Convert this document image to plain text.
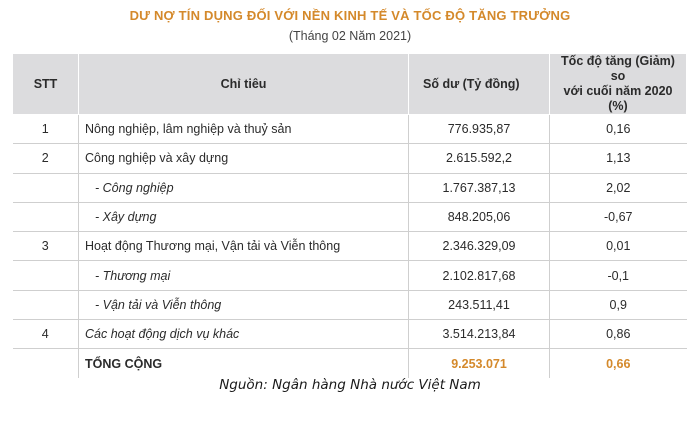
DƯ NỢ TÍN DỤNG ĐỐI VỚI NỀN KINH TẾ VÀ TỐC ĐỘ TĂNG TRƯỞNG
(Tháng 02 Năm 2021)
STT	Chỉ tiêu	Số dư (Tỷ đồng)	Tốc độ tăng (Giảm) so
với cuối năm 2020 (%)
1	Nông nghiệp, lâm nghiệp và thuỷ sản	776.935,87	0,16
2	Công nghiệp và xây dựng	2.615.592,2	1,13
	- Công nghiệp	1.767.387,13	2,02
	- Xây dựng	848.205,06	-0,67
3	Hoạt động Thương mại, Vận tải và Viễn thông	2.346.329,09	0,01
	- Thương mại	2.102.817,68	-0,1
	- Vận tải và Viễn thông	243.511,41	0,9
4	Các hoạt động dịch vụ khác	3.514.213,84	0,86
	TỔNG CỘNG	9.253.071	0,66
Nguồn: Ngân hàng Nhà nước Việt Nam
